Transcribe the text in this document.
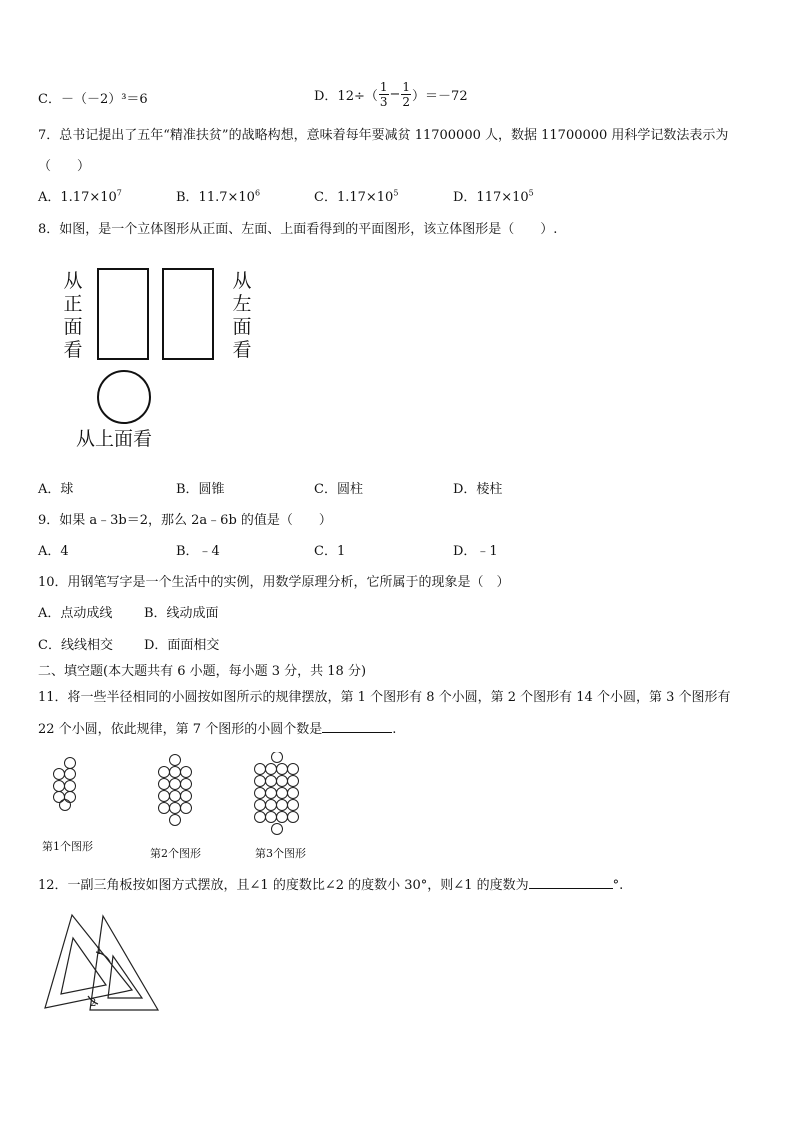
C．－（－2）³＝6	D．$12\div( \frac{1}{3} - \frac{1}{2} )=-72$
7．总书记提出了五年“精准扶贫”的战略构想，意味着每年要减贫 11700000 人，数据 11700000 用科学记数法表示为
（　　）
A．$1.17\times 10^7$	B．$11.7\times 10^6$	C．$1.17\times 10^5$	D．$117\times 10^5$
8．如图，是一个立体图形从正面、左面、上面看得到的平面图形，该立体图形是（　　）.
从
正
面
看
从
左
面
看
从上面看
A．球	B．圆锥	C．圆柱	D．棱柱
9．如果 a﹣3b＝2，那么 2a﹣6b 的值是（　　）
A．4	B．﹣4	C．1	D．﹣1
10．用钢笔写字是一个生活中的实例，用数学原理分析，它所属于的现象是（　）
A．点动成线 B．线动成面
C．线线相交 D．面面相交
二、填空题(本大题共有 6 小题，每小题 3 分，共 18 分)
11．将一些半径相同的小圆按如图所示的规律摆放，第 1 个图形有 8 个小圆，第 2 个图形有 14 个小圆，第 3 个图形有
22 个小圆，依此规律，第 7 个图形的小圆个数是	.
第1个图形
第2个图形	第3个图形
12．一副三角板按如图方式摆放，且∠1 的度数比∠2 的度数小 30°，则∠1 的度数为	°.
1
2
